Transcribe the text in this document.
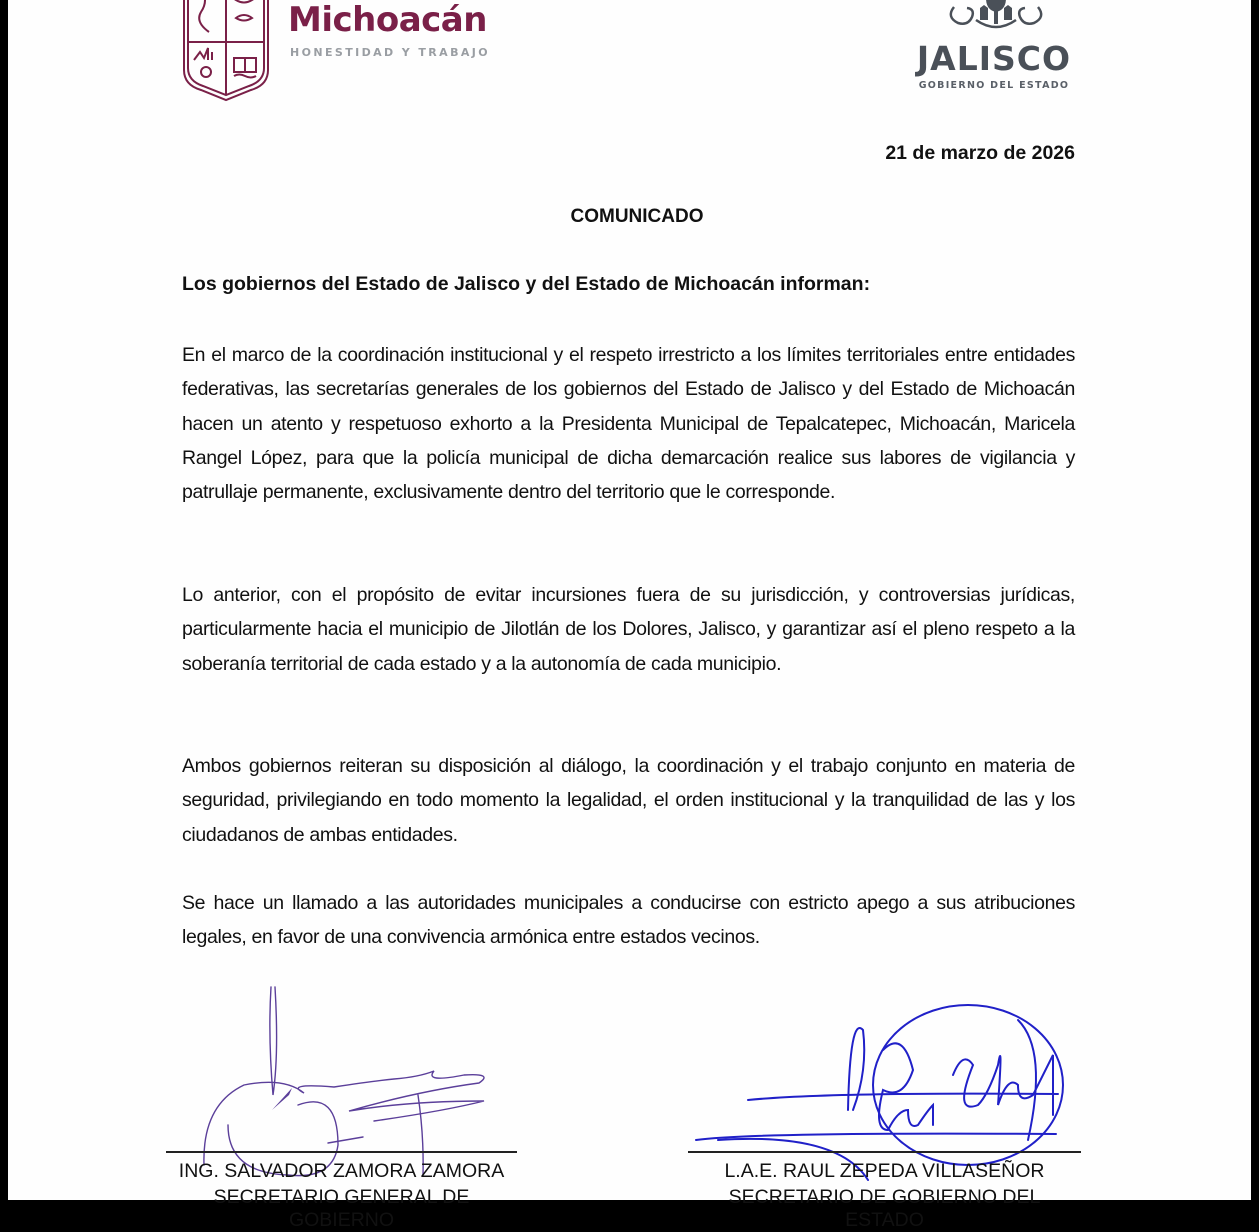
Michoacán
HONESTIDAD Y TRABAJO	JALISCO
GOBIERNO DEL ESTADO
21 de marzo de 2026
COMUNICADO
Los gobiernos del Estado de Jalisco y del Estado de Michoacán informan:
En el marco de la coordinación institucional y el respeto irrestricto a los límites territoriales entre entidades federativas, las secretarías generales de los gobiernos del Estado de Jalisco y del Estado de Michoacán hacen un atento y respetuoso exhorto a la Presidenta Municipal de Tepalcatepec, Michoacán, Maricela Rangel López, para que la policía municipal de dicha demarcación realice sus labores de vigilancia y patrullaje permanente, exclusivamente dentro del territorio que le corresponde.
Lo anterior, con el propósito de evitar incursiones fuera de su jurisdicción, y controversias jurídicas, particularmente hacia el municipio de Jilotlán de los Dolores, Jalisco, y garantizar así el pleno respeto a la soberanía territorial de cada estado y a la autonomía de cada municipio.
Ambos gobiernos reiteran su disposición al diálogo, la coordinación y el trabajo conjunto en materia de seguridad, privilegiando en todo momento la legalidad, el orden institucional y la tranquilidad de las y los ciudadanos de ambas entidades.
Se hace un llamado a las autoridades municipales a conducirse con estricto apego a sus atribuciones legales, en favor de una convivencia armónica entre estados vecinos.
ING. SALVADOR ZAMORA ZAMORA
SECRETARIO GENERAL DE GOBIERNO
L.A.E. RAUL ZEPEDA VILLASEÑOR
SECRETARIO DE GOBIERNO DEL ESTADO
